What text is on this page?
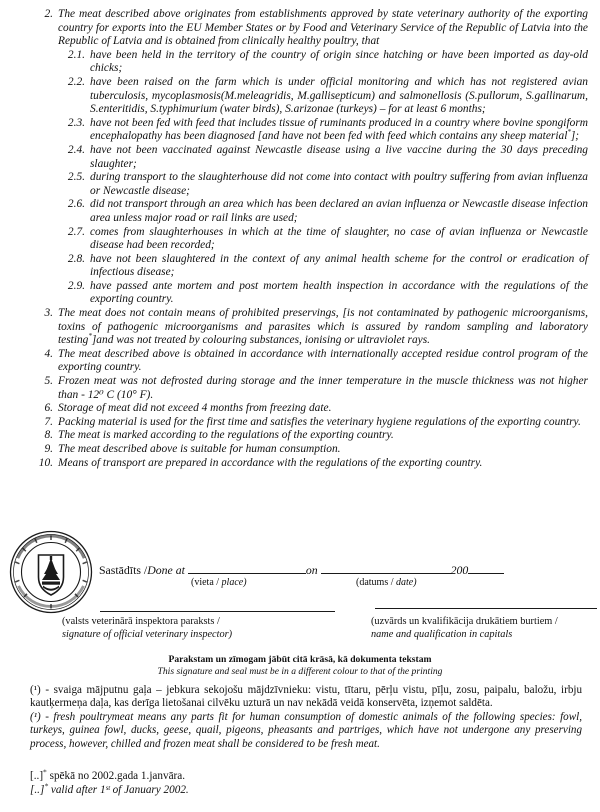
2. The meat described above originates from establishments approved by state veterinary authority of the exporting country for exports into the EU Member States or by Food and Veterinary Service of the Republic of Latvia into the Republic of Latvia and is obtained from clinically healthy poultry, that
2.1. have been held in the territory of the country of origin since hatching or have been imported as day-old chicks;
2.2. have been raised on the farm which is under official monitoring and which has not registered avian tuberculosis, mycoplasmosis(M.meleagridis, M.gallisepticum) and salmonellosis (S.pullorum, S.gallinarum, S.enteritidis, S.typhimurium (water birds), S.arizonae (turkeys) – for at least 6 months;
2.3. have not been fed with feed that includes tissue of ruminants produced in a country where bovine spongiform encephalopathy has been diagnosed [and have not been fed with feed which contains any sheep material*];
2.4. have not been vaccinated against Newcastle disease using a live vaccine during the 30 days preceding slaughter;
2.5. during transport to the slaughterhouse did not come into contact with poultry suffering from avian influenza or Newcastle disease;
2.6. did not transport through an area which has been declared an avian influenza or Newcastle disease infection area unless major road or rail links are used;
2.7. comes from slaughterhouses in which at the time of slaughter, no case of avian influenza or Newcastle disease had been recorded;
2.8. have not been slaughtered in the context of any animal health scheme for the control or eradication of infectious disease;
2.9. have passed ante mortem and post mortem health inspection in accordance with the regulations of the exporting country.
3. The meat does not contain means of prohibited preservings, [is not contaminated by pathogenic microorganisms, toxins of pathogenic microorganisms and parasites which is assured by random sampling and laboratory testing*]and was not treated by colouring substances, ionising or ultraviolet rays.
4. The meat described above is obtained in accordance with internationally accepted residue control program of the exporting country.
5. Frozen meat was not defrosted during storage and the inner temperature in the muscle thickness was not higher than - 12⁰ C (10° F).
6. Storage of meat did not exceed 4 months from freezing date.
7. Packing material is used for the first time and satisfies the veterinary hygiene regulations of the exporting country.
8. The meat is marked according to the regulations of the exporting country.
9. The meat described above is suitable for human consumption.
10. Means of transport are prepared in accordance with the regulations of the exporting country.
Sastādīts /Done at	on	200
(vieta / place)	(datums / date)
(valsts veterinārā inspektora paraksts /
signature of official veterinary inspector)
(uzvārds un kvalifikācija drukātiem burtiem /
name and qualification in capitals
Parakstam un zīmogam jābūt citā krāsā, kā dokumenta tekstam
This signature and seal must be in a different colour to that of the printing
(¹) - svaiga mājputnu gaļa – jebkura sekojošu mājdzīvnieku: vistu, tītaru, pērļu vistu, pīļu, zosu, paipalu, baložu, irbju kautķermeņa daļa, kas derīga lietošanai cilvēku uzturā un nav nekādā veidā konservēta, izņemot saldēta.
(¹) - fresh poultrymeat means any parts fit for human consumption of domestic animals of the following species: fowl, turkeys, guinea fowl, ducks, geese, quail, pigeons, pheasants and partriges, which have not undergone any preserving process, however, chilled and frozen meat shall be considered to be fresh meat.
[..]* spēkā no 2002.gada 1.janvāra.
[..]* valid after 1ˢᵗ of January 2002.
